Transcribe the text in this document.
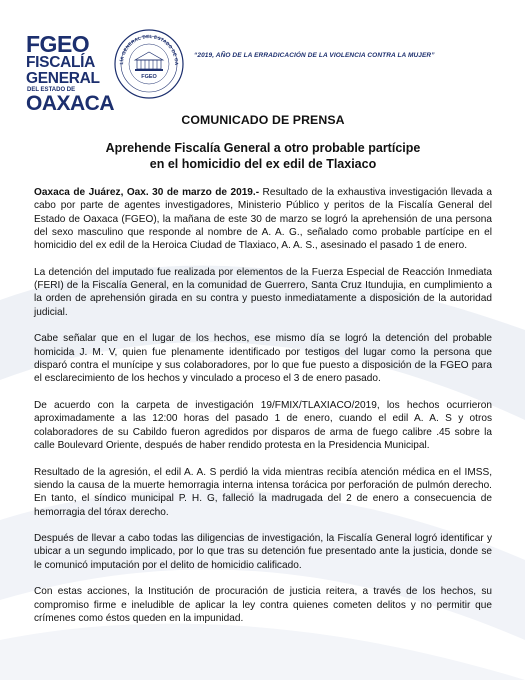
FGEO
FISCALÍA
GENERAL
DEL ESTADO DE
OAXACA
LÍA GENERAL DEL ESTADO DE OA
FGEO
“2019, AÑO DE LA ERRADICACIÓN DE LA VIOLENCIA CONTRA LA MUJER”
COMUNICADO DE PRENSA
Aprehende Fiscalía General a otro probable partícipe
en el homicidio del ex edil de Tlaxiaco

Oaxaca de Juárez, Oax. 30 de marzo de 2019.- Resultado de la exhaustiva investigación llevada a cabo por parte de agentes investigadores, Ministerio Público y peritos de la Fiscalía General del Estado de Oaxaca (FGEO), la mañana de este 30 de marzo se logró la aprehensión de una persona del sexo masculino que responde al nombre de A. A. G., señalado como probable partícipe en el homicidio del ex edil de la Heroica Ciudad de Tlaxiaco, A. A. S., asesinado el pasado 1 de enero.

La detención del imputado fue realizada por elementos de la Fuerza Especial de Reacción Inmediata (FERI) de la Fiscalía General, en la comunidad de Guerrero, Santa Cruz Itundujia, en cumplimiento a la orden de aprehensión girada en su contra y puesto inmediatamente a disposición de la autoridad judicial.

Cabe señalar que en el lugar de los hechos, ese mismo día se logró la detención del probable homicida J. M. V, quien fue plenamente identificado por testigos del lugar como la persona que disparó contra el munícipe y sus colaboradores, por lo que fue puesto a disposición de la FGEO para el esclarecimiento de los hechos y vinculado a proceso el 3 de enero pasado.

De acuerdo con la carpeta de investigación 19/FMIX/TLAXIACO/2019, los hechos ocurrieron aproximadamente a las 12:00 horas del pasado 1 de enero, cuando el edil A. A. S y otros colaboradores de su Cabildo fueron agredidos por disparos de arma de fuego calibre .45 sobre la calle Boulevard Oriente, después de haber rendido protesta en la Presidencia Municipal.

Resultado de la agresión, el edil A. A. S perdió la vida mientras recibía atención médica en el IMSS, siendo la causa de la muerte hemorragia interna intensa torácica por perforación de pulmón derecho. En tanto, el síndico municipal P. H. G, falleció la madrugada del 2 de enero a consecuencia de hemorragia del tórax derecho.

Después de llevar a cabo todas las diligencias de investigación, la Fiscalía General logró identificar y ubicar a un segundo implicado, por lo que tras su detención fue presentado ante la justicia, donde se le comunicó imputación por el delito de homicidio calificado.

Con estas acciones, la Institución de procuración de justicia reitera, a través de los hechos, su compromiso firme e ineludible de aplicar la ley contra quienes cometen delitos y no permitir que crímenes como éstos queden en la impunidad.
